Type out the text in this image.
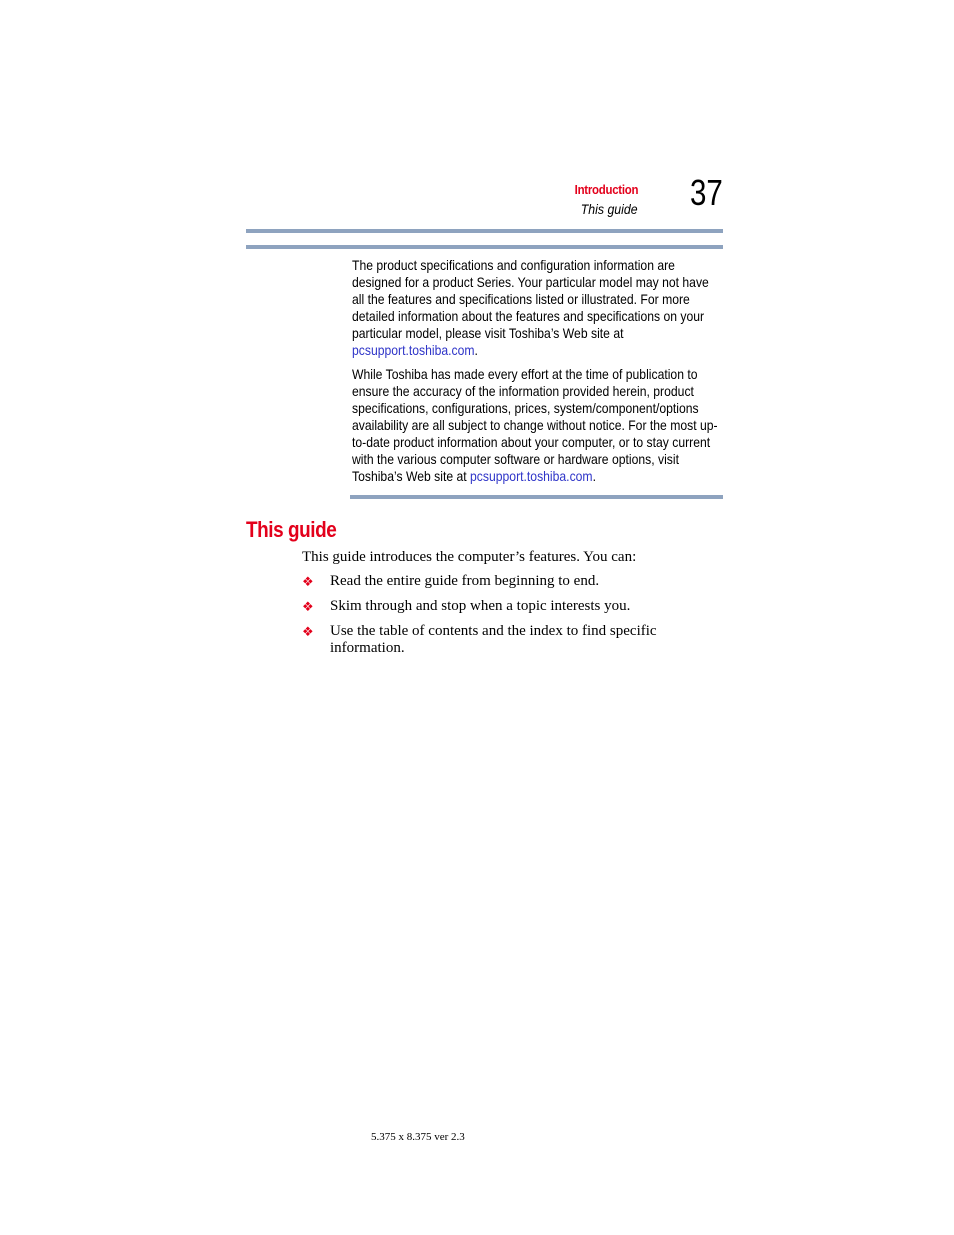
Introduction
This guide 37

The product specifications and configuration information are designed for a product Series. Your particular model may not have all the features and specifications listed or illustrated. For more detailed information about the features and specifications on your particular model, please visit Toshiba’s Web site at pcsupport.toshiba.com.

While Toshiba has made every effort at the time of publication to ensure the accuracy of the information provided herein, product specifications, configurations, prices, system/component/options availability are all subject to change without notice. For the most up-to-date product information about your computer, or to stay current with the various computer software or hardware options, visit Toshiba’s Web site at pcsupport.toshiba.com.

This guide
This guide introduces the computer’s features. You can:
❖ Read the entire guide from beginning to end.
❖ Skim through and stop when a topic interests you.
❖ Use the table of contents and the index to find specific information.
5.375 x 8.375 ver 2.3
